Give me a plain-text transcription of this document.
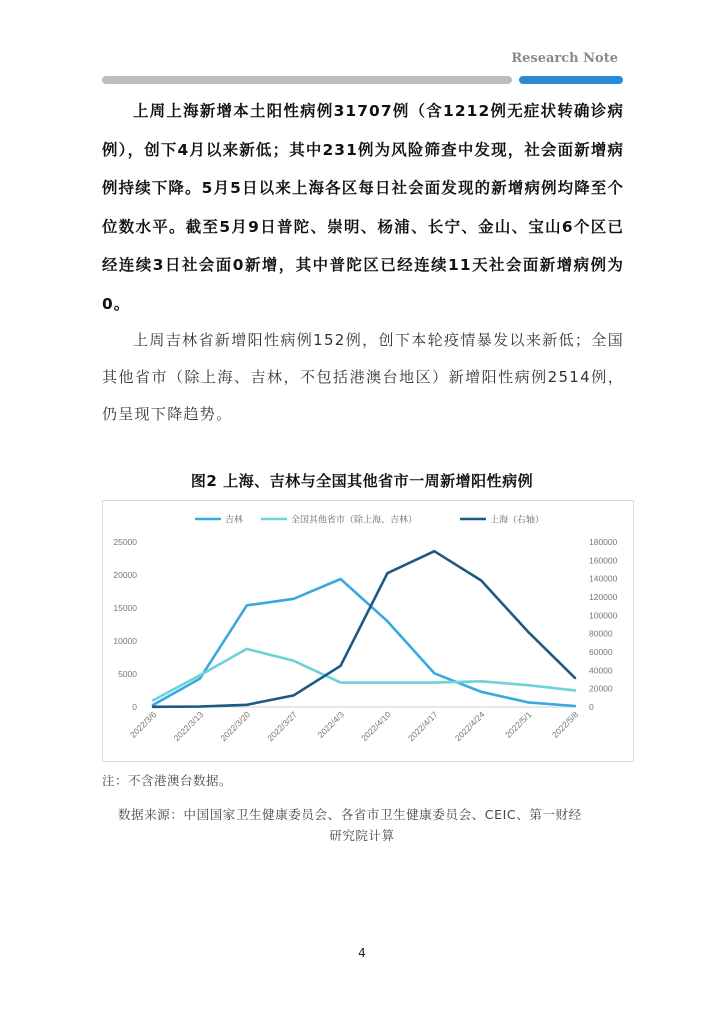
Research Note

上周上海新增本土阳性病例31707例（含1212例无症状转确诊病例），创下4月以来新低；其中231例为风险筛查中发现，社会面新增病例持续下降。5月5日以来上海各区每日社会面发现的新增病例均降至个位数水平。截至5月9日普陀、崇明、杨浦、长宁、金山、宝山6个区已经连续3日社会面0新增，其中普陀区已经连续11天社会面新增病例为0。

上周吉林省新增阳性病例152例，创下本轮疫情暴发以来新低；全国其他省市（除上海、吉林，不包括港澳台地区）新增阳性病例2514例，仍呈现下降趋势。

图2 上海、吉林与全国其他省市一周新增阳性病例
0
5000
10000
15000
20000
25000
0
20000
40000
60000
80000
100000
120000
140000
160000
180000
2022/3/6 2022/3/13 2022/3/20 2022/3/27 2022/4/3 2022/4/10 2022/4/17 2022/4/24 2022/5/1 2022/5/8
吉林	全国其他省市（除上海、吉林）	上海（右轴）
注：不含港澳台数据。

数据来源：中国国家卫生健康委员会、各省市卫生健康委员会、CEIC、第一财经

研究院计算
4
